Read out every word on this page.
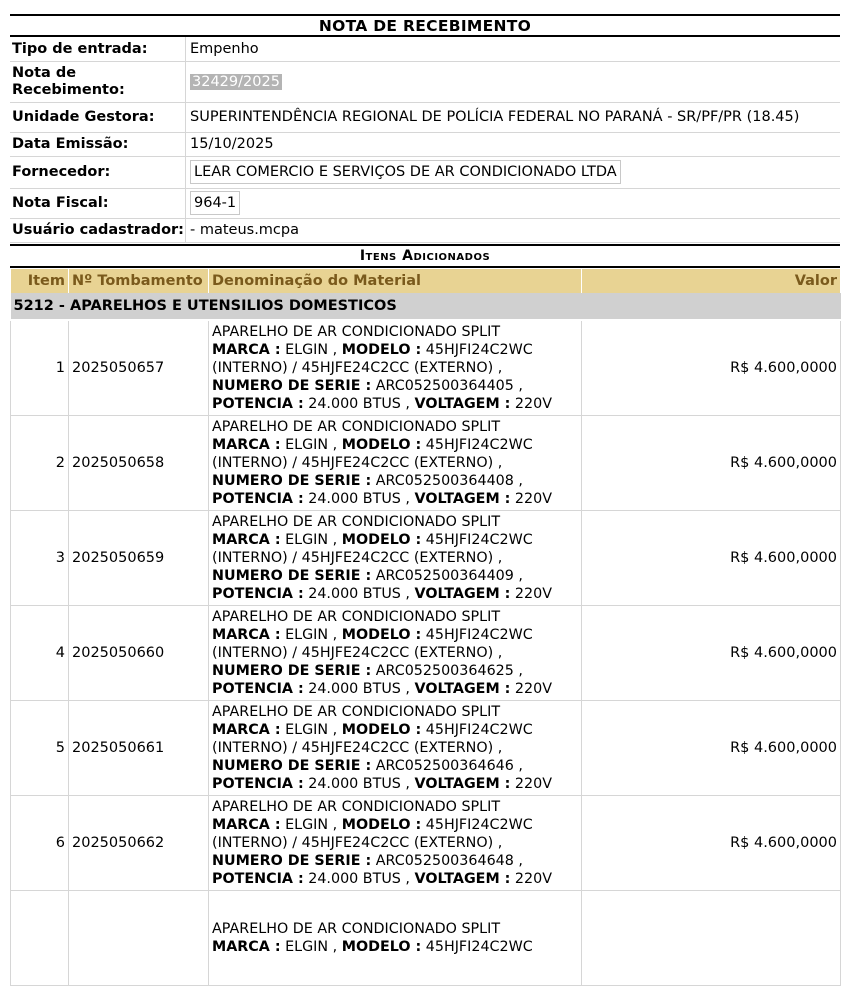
NOTA DE RECEBIMENTO
Tipo de entrada:	Empenho
Nota de Recebimento:	32429/2025
Unidade Gestora:	SUPERINTENDÊNCIA REGIONAL DE POLÍCIA FEDERAL NO PARANÁ - SR/PF/PR (18.45)
Data Emissão:	15/10/2025
Fornecedor:	LEAR COMERCIO E SERVIÇOS DE AR CONDICIONADO LTDA
Nota Fiscal:	964-1
Usuário cadastrador:	- mateus.mcpa
Itens Adicionados
Item	Nº Tombamento	Denominação do Material	Valor
5212 - APARELHOS E UTENSILIOS DOMESTICOS			
1	2025050657	APARELHO DE AR CONDICIONADO SPLIT
MARCA : ELGIN , MODELO : 45HJFI24C2WC (INTERNO) / 45HJFE24C2CC (EXTERNO) ,
NUMERO DE SERIE : ARC052500364405 , POTENCIA : 24.000 BTUS , VOLTAGEM : 220V	R$ 4.600,0000
2	2025050658	APARELHO DE AR CONDICIONADO SPLIT
MARCA : ELGIN , MODELO : 45HJFI24C2WC (INTERNO) / 45HJFE24C2CC (EXTERNO) ,
NUMERO DE SERIE : ARC052500364408 , POTENCIA : 24.000 BTUS , VOLTAGEM : 220V	R$ 4.600,0000
3	2025050659	APARELHO DE AR CONDICIONADO SPLIT
MARCA : ELGIN , MODELO : 45HJFI24C2WC (INTERNO) / 45HJFE24C2CC (EXTERNO) ,
NUMERO DE SERIE : ARC052500364409 , POTENCIA : 24.000 BTUS , VOLTAGEM : 220V	R$ 4.600,0000
4	2025050660	APARELHO DE AR CONDICIONADO SPLIT
MARCA : ELGIN , MODELO : 45HJFI24C2WC (INTERNO) / 45HJFE24C2CC (EXTERNO) ,
NUMERO DE SERIE : ARC052500364625 , POTENCIA : 24.000 BTUS , VOLTAGEM : 220V	R$ 4.600,0000
5	2025050661	APARELHO DE AR CONDICIONADO SPLIT
MARCA : ELGIN , MODELO : 45HJFI24C2WC (INTERNO) / 45HJFE24C2CC (EXTERNO) ,
NUMERO DE SERIE : ARC052500364646 , POTENCIA : 24.000 BTUS , VOLTAGEM : 220V	R$ 4.600,0000
6	2025050662	APARELHO DE AR CONDICIONADO SPLIT
MARCA : ELGIN , MODELO : 45HJFI24C2WC (INTERNO) / 45HJFE24C2CC (EXTERNO) ,
NUMERO DE SERIE : ARC052500364648 , POTENCIA : 24.000 BTUS , VOLTAGEM : 220V	R$ 4.600,0000

		APARELHO DE AR CONDICIONADO SPLIT
MARCA : ELGIN , MODELO : 45HJFI24C2WC	
